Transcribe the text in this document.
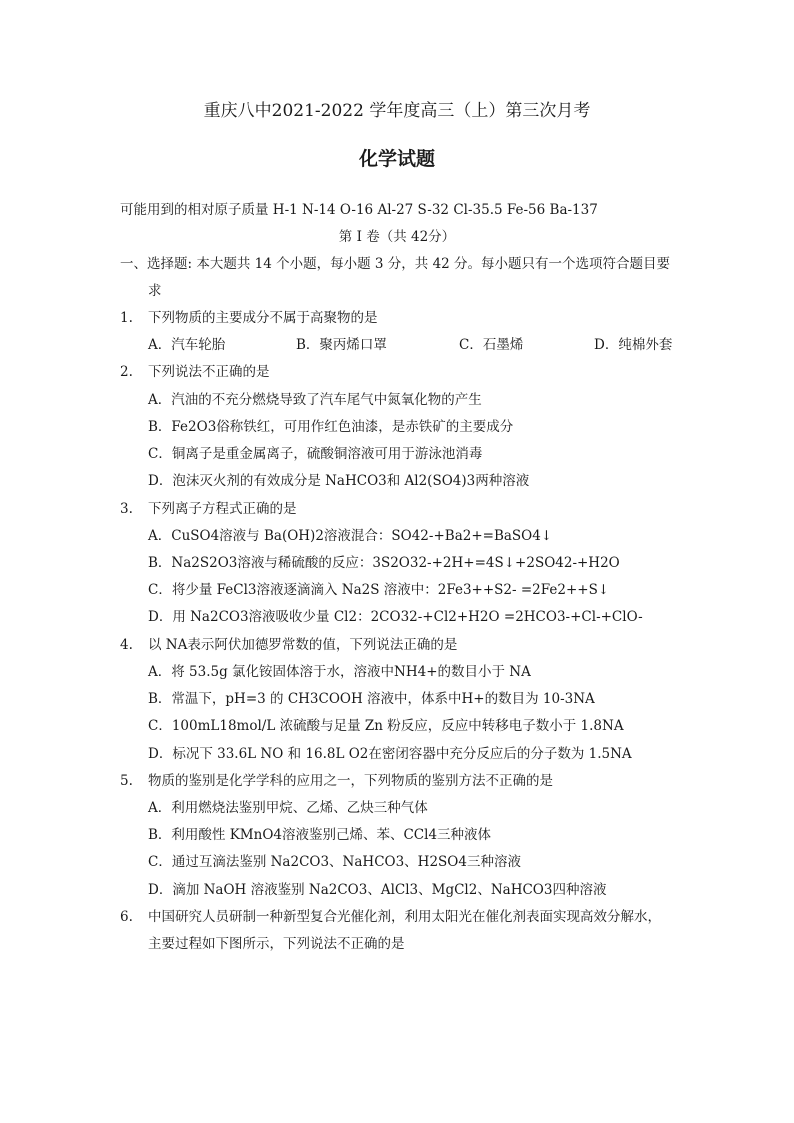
重庆八中2021-2022 学年度高三（上）第三次月考
化学试题
可能用到的相对原子质量 H-1 N-14 O-16 Al-27 S-32 Cl-35.5 Fe-56 Ba-137
第 I 卷（共 42分）
一、选择题: 本大题共 14 个小题，每小题 3 分，共 42 分。每小题只有一个选项符合题目要
求
1. 下列物质的主要成分不属于高聚物的是
A．汽车轮胎	B．聚丙烯口罩	C．石墨烯	D．纯棉外套
2. 下列说法不正确的是
A．汽油的不充分燃烧导致了汽车尾气中氮氧化物的产生
B．Fe2O3俗称铁红，可用作红色油漆，是赤铁矿的主要成分
C．铜离子是重金属离子，硫酸铜溶液可用于游泳池消毒
D．泡沫灭火剂的有效成分是 NaHCO3和 Al2(SO4)3两种溶液
3. 下列离子方程式正确的是
A．CuSO4溶液与 Ba(OH)2溶液混合：SO42-+Ba2+=BaSO4↓
B．Na2S2O3溶液与稀硫酸的反应：3S2O32-+2H+=4S↓+2SO42-+H2O
C．将少量 FeCl3溶液逐滴滴入 Na2S 溶液中：2Fe3++S2- =2Fe2++S↓
D．用 Na2CO3溶液吸收少量 Cl2：2CO32-+Cl2+H2O =2HCO3-+Cl-+ClO-
4. 以 NA表示阿伏加德罗常数的值，下列说法正确的是
A．将 53.5g 氯化铵固体溶于水，溶液中NH4+的数目小于 NA
B．常温下，pH=3 的 CH3COOH 溶液中，体系中H+的数目为 10-3NA
C．100mL18mol/L 浓硫酸与足量 Zn 粉反应，反应中转移电子数小于 1.8NA
D．标况下 33.6L NO 和 16.8L O2在密闭容器中充分反应后的分子数为 1.5NA
5. 物质的鉴别是化学学科的应用之一，下列物质的鉴别方法不正确的是
A．利用燃烧法鉴别甲烷、乙烯、乙炔三种气体
B．利用酸性 KMnO4溶液鉴别己烯、苯、CCl4三种液体
C．通过互滴法鉴别 Na2CO3、NaHCO3、H2SO4三种溶液
D．滴加 NaOH 溶液鉴别 Na2CO3、AlCl3、MgCl2、NaHCO3四种溶液
6. 中国研究人员研制一种新型复合光催化剂，利用太阳光在催化剂表面实现高效分解水，
主要过程如下图所示，下列说法不正确的是
